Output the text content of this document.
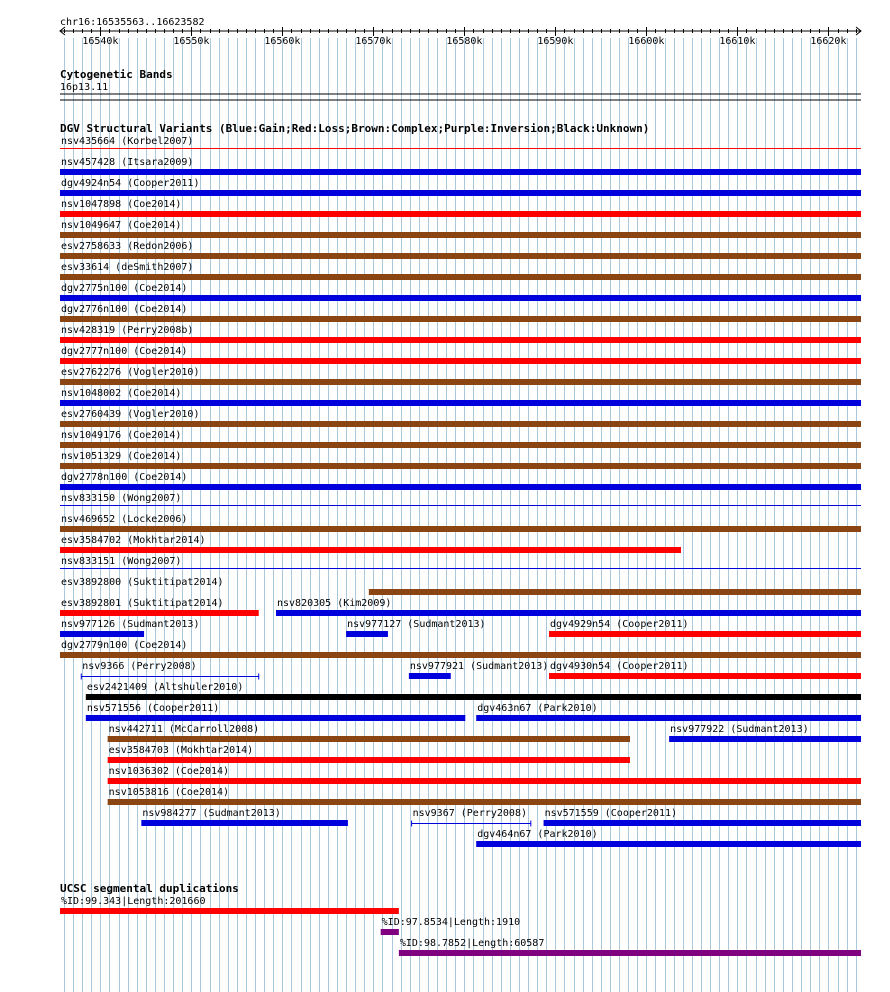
chr16:16535563..16623582
16540k	16550k	16560k	16570k	16580k	16590k	16600k	16610k	16620k
Cytogenetic Bands
16p13.11
DGV Structural Variants (Blue:Gain;Red:Loss;Brown:Complex;Purple:Inversion;Black:Unknown)
nsv435664 (Korbel2007)
nsv457428 (Itsara2009)
dgv4924n54 (Cooper2011)
nsv1047898 (Coe2014)
nsv1049647 (Coe2014)
esv2758633 (Redon2006)
esv33614 (deSmith2007)
dgv2775n100 (Coe2014)
dgv2776n100 (Coe2014)
nsv428319 (Perry2008b)
dgv2777n100 (Coe2014)
esv2762276 (Vogler2010)
nsv1048002 (Coe2014)
esv2760439 (Vogler2010)
nsv1049176 (Coe2014)
nsv1051329 (Coe2014)
dgv2778n100 (Coe2014)
nsv833150 (Wong2007)
nsv469652 (Locke2006)
esv3584702 (Mokhtar2014)
nsv833151 (Wong2007)
esv3892800 (Suktitipat2014)
esv3892801 (Suktitipat2014)	nsv820305 (Kim2009)
nsv977126 (Sudmant2013)	nsv977127 (Sudmant2013)	dgv4929n54 (Cooper2011)
dgv2779n100 (Coe2014)
nsv9366 (Perry2008)	nsv977921 (Sudmant2013) dgv4930n54 (Cooper2011)
esv2421409 (Altshuler2010)
nsv571556 (Cooper2011)	dgv463n67 (Park2010)
nsv442711 (McCarroll2008)	nsv977922 (Sudmant2013)
esv3584703 (Mokhtar2014)
nsv1036302 (Coe2014)
nsv1053816 (Coe2014)
nsv984277 (Sudmant2013)	nsv9367 (Perry2008) nsv571559 (Cooper2011)
dgv464n67 (Park2010)
UCSC segmental duplications
%ID:99.343|Length:201660
%ID:97.8534|Length:1910
%ID:98.7852|Length:60587
